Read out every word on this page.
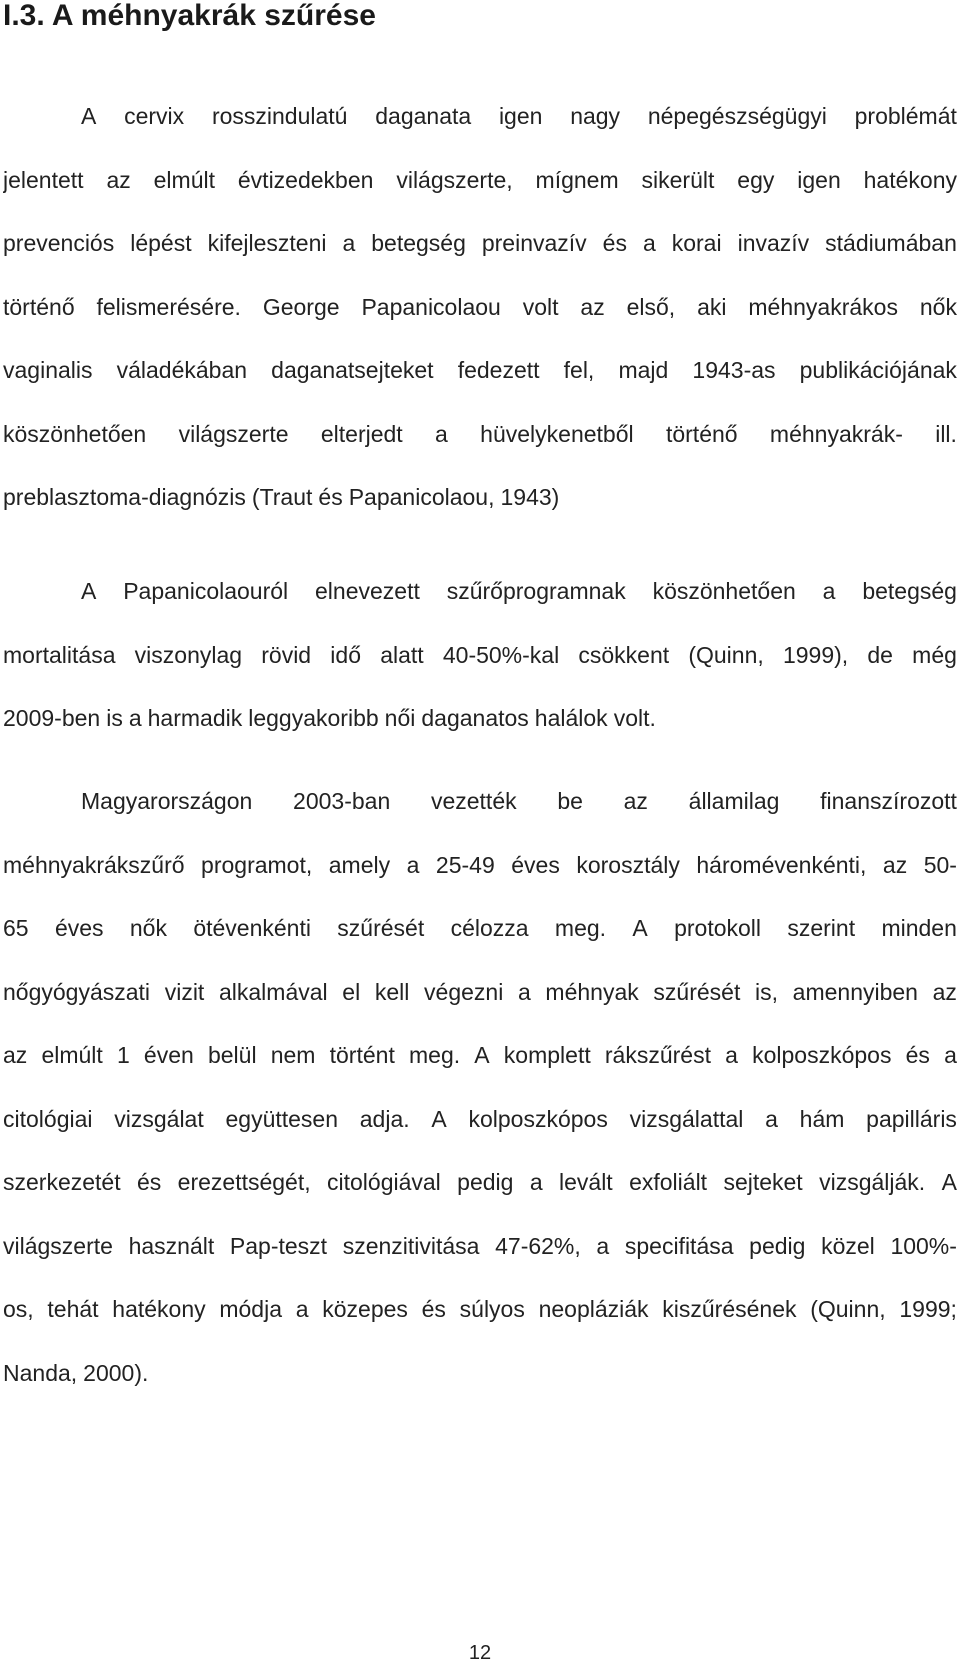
I.3. A méhnyakrák szűrése
A cervix rosszindulatú daganata igen nagy népegészségügyi problémát
jelentett az elmúlt évtizedekben világszerte, mígnem sikerült egy igen hatékony
prevenciós lépést kifejleszteni a betegség preinvazív és a korai invazív stádiumában
történő felismerésére. George Papanicolaou volt az első, aki méhnyakrákos nők
vaginalis váladékában daganatsejteket fedezett fel, majd 1943-as publikációjának
köszönhetően világszerte elterjedt a hüvelykenetből történő méhnyakrák- ill.
preblasztoma-diagnózis (Traut és Papanicolaou, 1943)
A Papanicolaouról elnevezett szűrőprogramnak köszönhetően a betegség
mortalitása viszonylag rövid idő alatt 40-50%-kal csökkent (Quinn, 1999), de még
2009-ben is a harmadik leggyakoribb női daganatos halálok volt.
Magyarországon 2003-ban vezették be az államilag finanszírozott
méhnyakrákszűrő programot, amely a 25-49 éves korosztály háromévenkénti, az 50-
65 éves nők ötévenkénti szűrését célozza meg. A protokoll szerint minden
nőgyógyászati vizit alkalmával el kell végezni a méhnyak szűrését is, amennyiben az
az elmúlt 1 éven belül nem történt meg. A komplett rákszűrést a kolposzkópos és a
citológiai vizsgálat együttesen adja. A kolposzkópos vizsgálattal a hám papilláris
szerkezetét és erezettségét, citológiával pedig a levált exfoliált sejteket vizsgálják. A
világszerte használt Pap-teszt szenzitivitása 47-62%, a specifitása pedig közel 100%-
os, tehát hatékony módja a közepes és súlyos neopláziák kiszűrésének (Quinn, 1999;
Nanda, 2000).
12
